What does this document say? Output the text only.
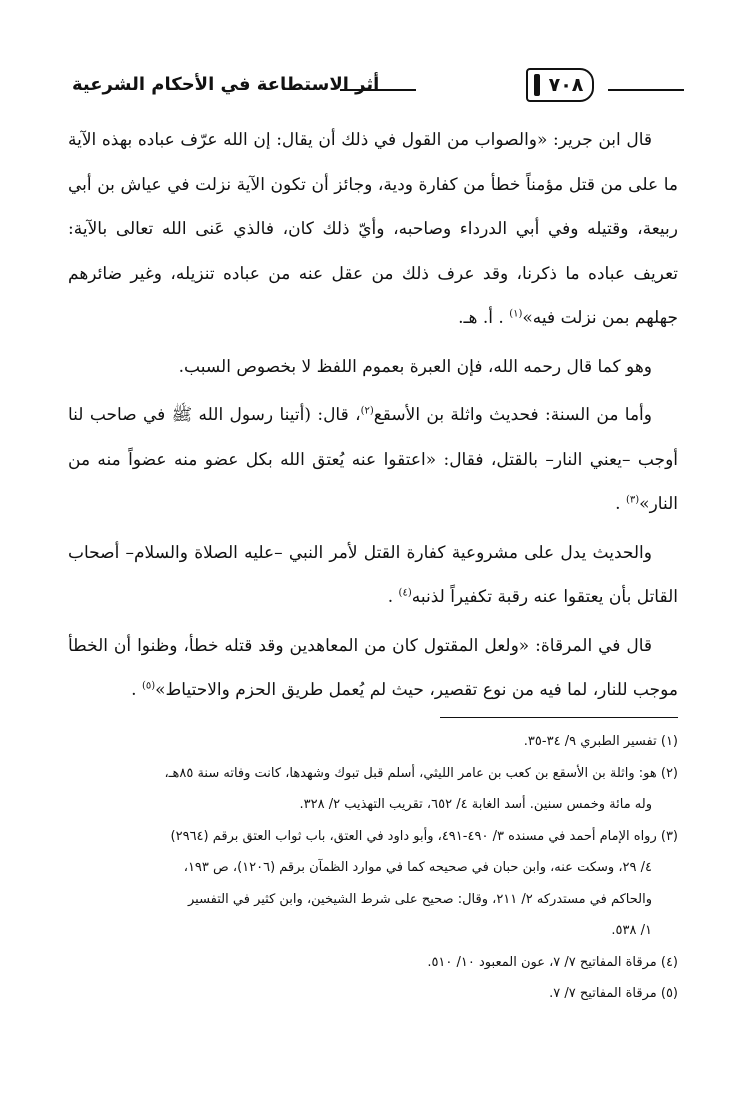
أثر الاستطاعة في الأحكام الشرعية	٧٠٨

قال ابن جرير: «والصواب من القول في ذلك أن يقال: إن الله عرّف عباده بهذه الآية ما على من قتل مؤمناً خطأ من كفارة ودية، وجائز أن تكون الآية نزلت في عياش بن أبي ربيعة، وقتيله وفي أبي الدرداء وصاحبه، وأيّ ذلك كان، فالذي عَنى الله تعالى بالآية: تعريف عباده ما ذكرنا، وقد عرف ذلك من عقل عنه من عباده تنزيله، وغير ضائرهم جهلهم بمن نزلت فيه»$^{(١)}$ . أ. هـ.

وهو كما قال رحمه الله، فإن العبرة بعموم اللفظ لا بخصوص السبب.

وأما من السنة: فحديث واثلة بن الأسقع$^{(٢)}$، قال: (أتينا رسول الله ﷺ في صاحب لنا أوجب –يعني النار– بالقتل، فقال: «اعتقوا عنه يُعتق الله بكل عضو منه عضواً منه من النار»$^{(٣)}$ .

والحديث يدل على مشروعية كفارة القتل لأمر النبي –عليه الصلاة والسلام– أصحاب القاتل بأن يعتقوا عنه رقبة تكفيراً لذنبه$^{(٤)}$ .

قال في المرقاة: «ولعل المقتول كان من المعاهدين وقد قتله خطأ، وظنوا أن الخطأ موجب للنار، لما فيه من نوع تقصير، حيث لم يُعمل طريق الحزم والاحتياط»$^{(٥)}$ .

(١) تفسير الطبري ٩/ ٣٤-٣٥.

(٢) هو: واثلة بن الأسقع بن كعب بن عامر الليثي، أسلم قبل تبوك وشهدها، كانت وفاته سنة ٨٥هـ،
وله مائة وخمس سنين. أسد الغابة ٤/ ٦٥٢، تقريب التهذيب ٢/ ٣٢٨.

(٣) رواه الإمام أحمد في مسنده ٣/ ٤٩٠-٤٩١، وأبو داود في العتق، باب ثواب العتق برقم (٢٩٦٤)
٤/ ٢٩، وسكت عنه، وابن حبان في صحيحه كما في موارد الظمآن برقم (١٢٠٦)، ص ١٩٣،
والحاكم في مستدركه ٢/ ٢١١، وقال: صحيح على شرط الشيخين، وابن كثير في التفسير
١/ ٥٣٨.

(٤) مرقاة المفاتيح ٧/ ٧، عون المعبود ١٠/ ٥١٠.

(٥) مرقاة المفاتيح ٧/ ٧.
